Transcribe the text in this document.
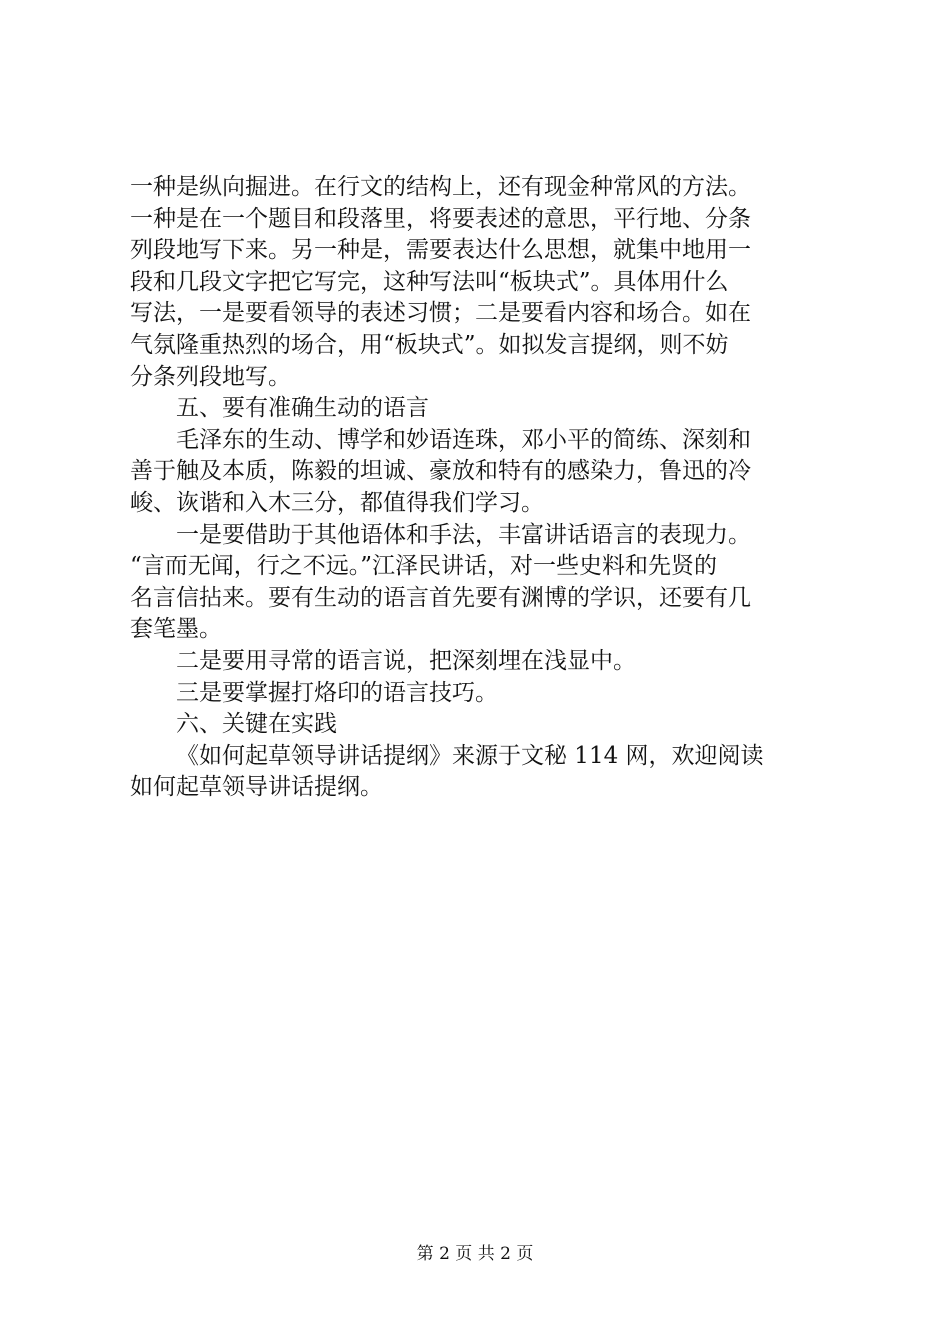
一种是纵向掘进。在行文的结构上，还有现金种常风的方法。
一种是在一个题目和段落里，将要表述的意思，平行地、分条
列段地写下来。另一种是，需要表达什么思想，就集中地用一
段和几段文字把它写完，这种写法叫“板块式”。具体用什么
写法，一是要看领导的表述习惯；二是要看内容和场合。如在
气氛隆重热烈的场合，用“板块式”。如拟发言提纲，则不妨
分条列段地写。
五、要有准确生动的语言
毛泽东的生动、博学和妙语连珠，邓小平的简练、深刻和
善于触及本质，陈毅的坦诚、豪放和特有的感染力，鲁迅的冷
峻、诙谐和入木三分，都值得我们学习。
一是要借助于其他语体和手法，丰富讲话语言的表现力。
“言而无闻，行之不远。”江泽民讲话，对一些史料和先贤的
名言信拈来。要有生动的语言首先要有渊博的学识，还要有几
套笔墨。
二是要用寻常的语言说，把深刻埋在浅显中。
三是要掌握打烙印的语言技巧。
六、关键在实践
《如何起草领导讲话提纲》来源于文秘 114 网，欢迎阅读
如何起草领导讲话提纲。
第 2 页 共 2 页
